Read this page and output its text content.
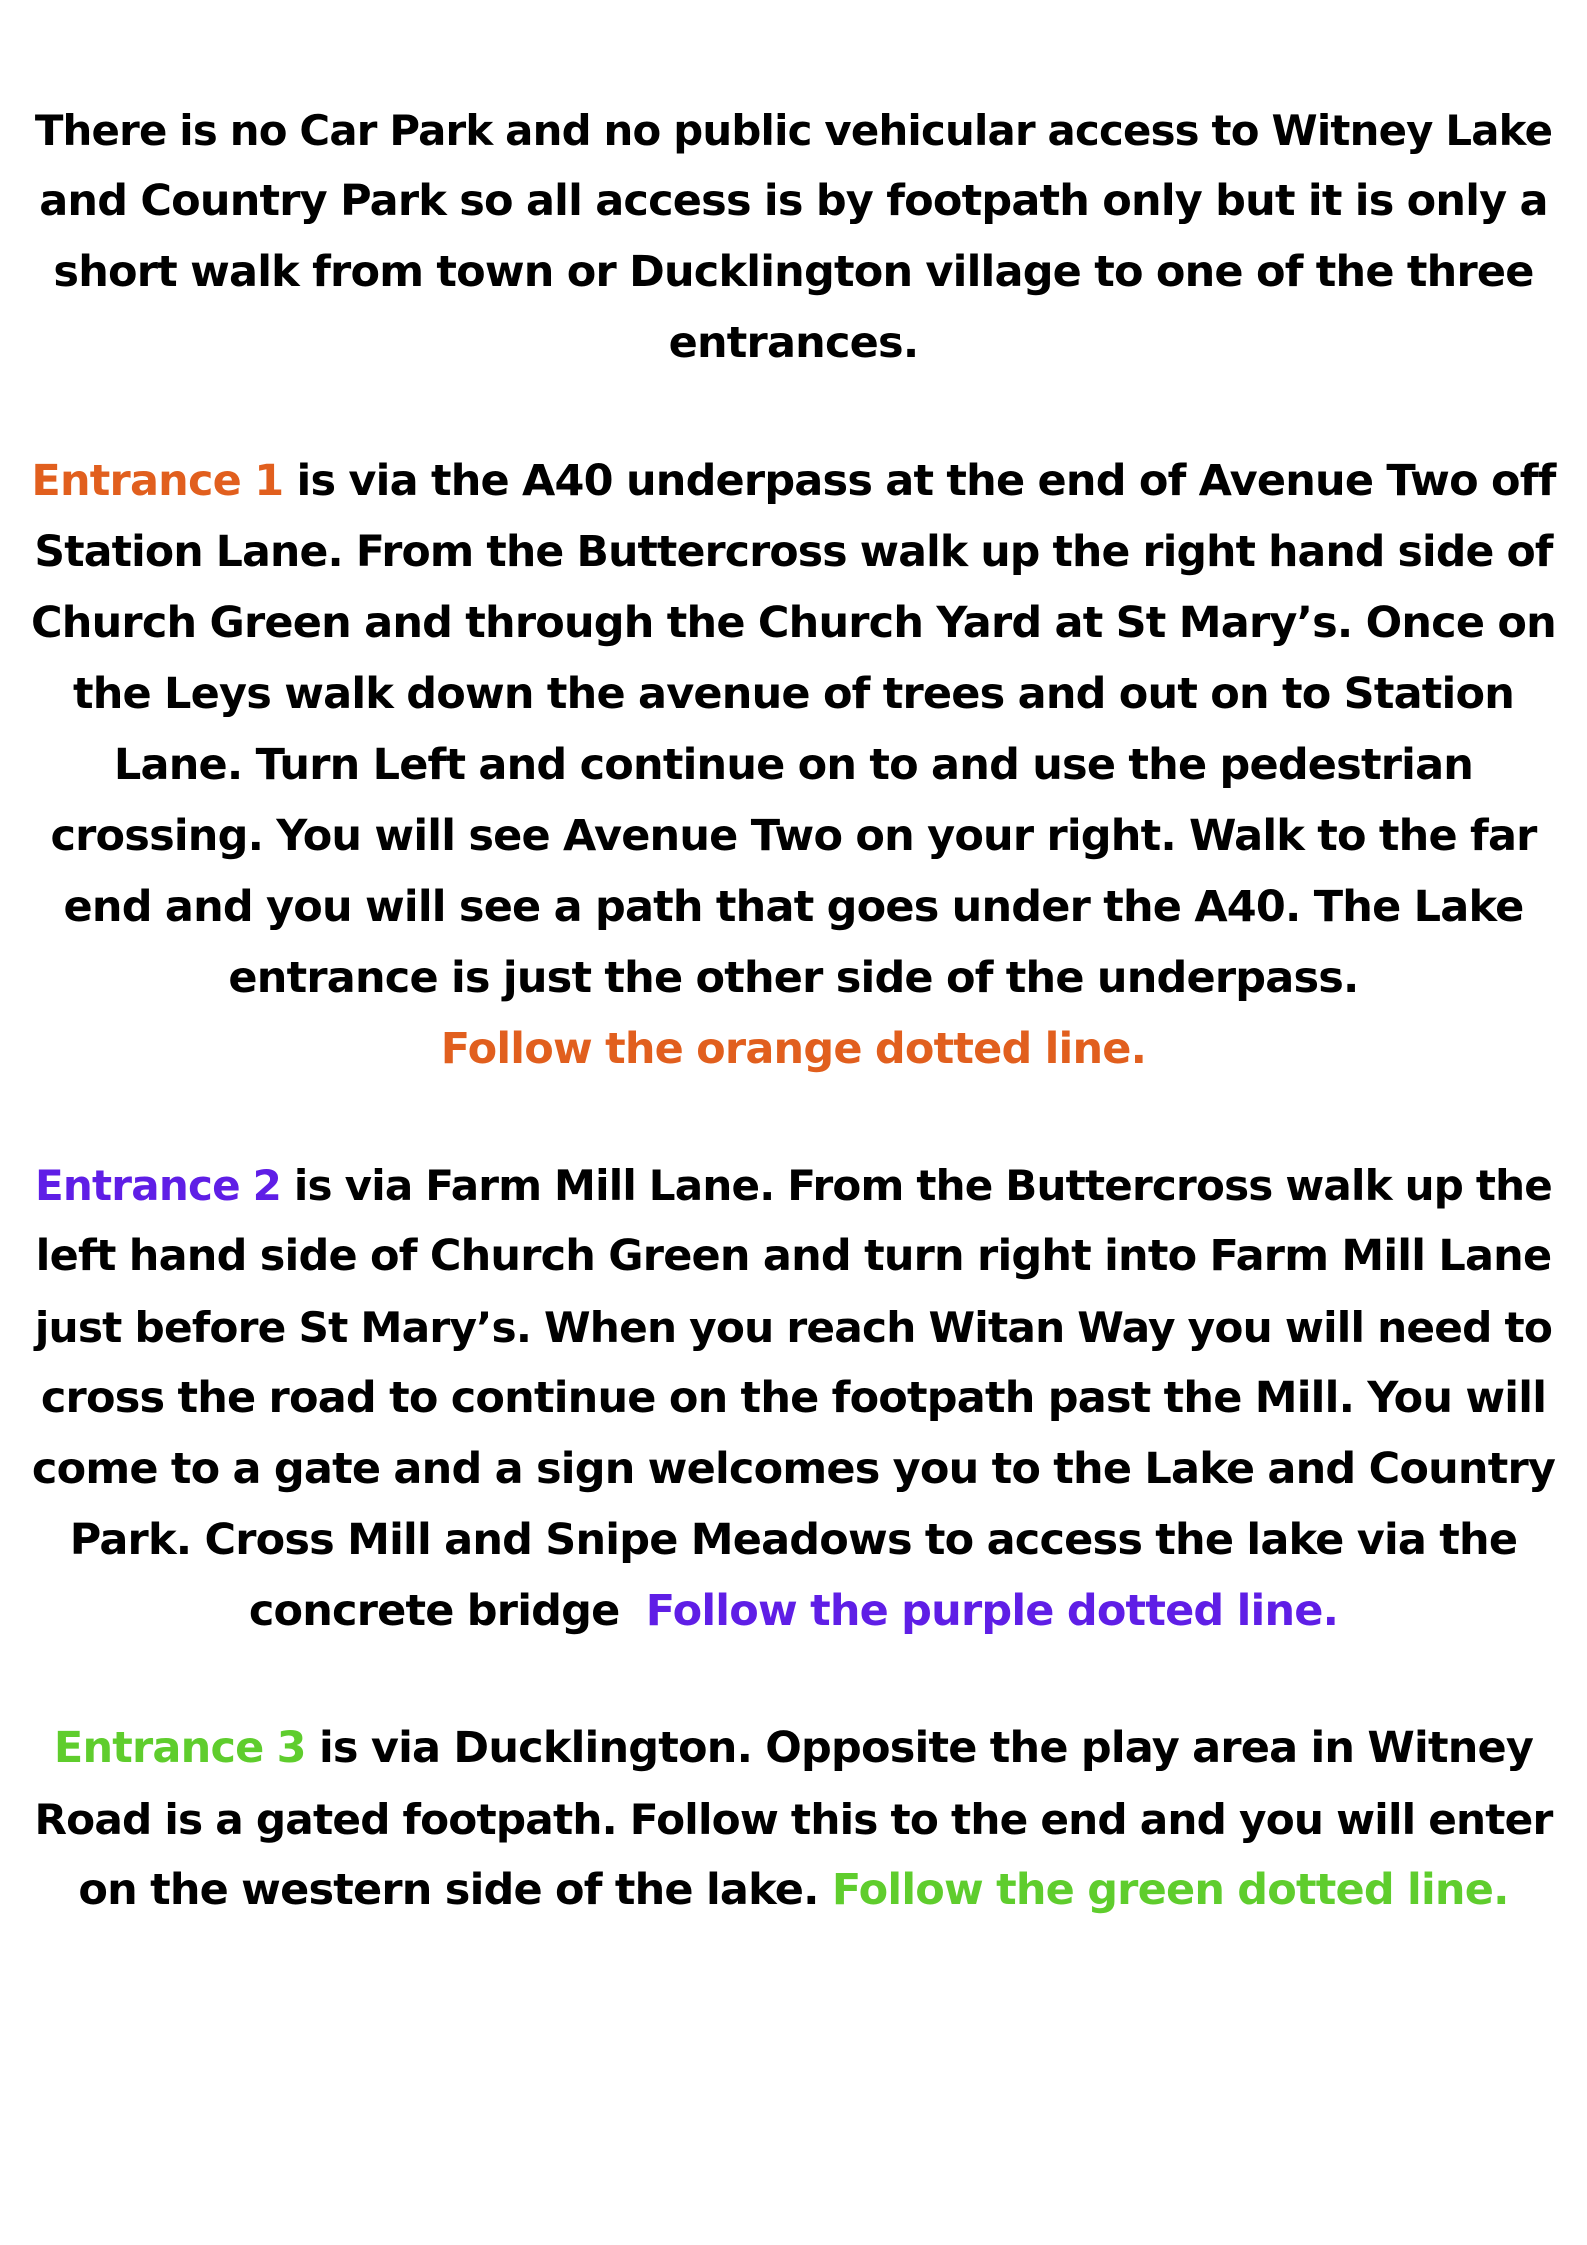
There is no Car Park and no public vehicular access to Witney Lake
and Country Park so all access is by footpath only but it is only a
short walk from town or Ducklington village to one of the three
entrances.

Entrance 1 is via the A40 underpass at the end of Avenue Two off
Station Lane. From the Buttercross walk up the right hand side of
Church Green and through the Church Yard at St Mary’s. Once on
the Leys walk down the avenue of trees and out on to Station
Lane. Turn Left and continue on to and use the pedestrian
crossing. You will see Avenue Two on your right. Walk to the far
end and you will see a path that goes under the A40. The Lake
entrance is just the other side of the underpass.
Follow the orange dotted line.

Entrance 2 is via Farm Mill Lane. From the Buttercross walk up the
left hand side of Church Green and turn right into Farm Mill Lane
just before St Mary’s. When you reach Witan Way you will need to
cross the road to continue on the footpath past the Mill. You will
come to a gate and a sign welcomes you to the Lake and Country
Park. Cross Mill and Snipe Meadows to access the lake via the
concrete bridge  Follow the purple dotted line.

Entrance 3 is via Ducklington. Opposite the play area in Witney
Road is a gated footpath. Follow this to the end and you will enter
on the western side of the lake. Follow the green dotted line.
